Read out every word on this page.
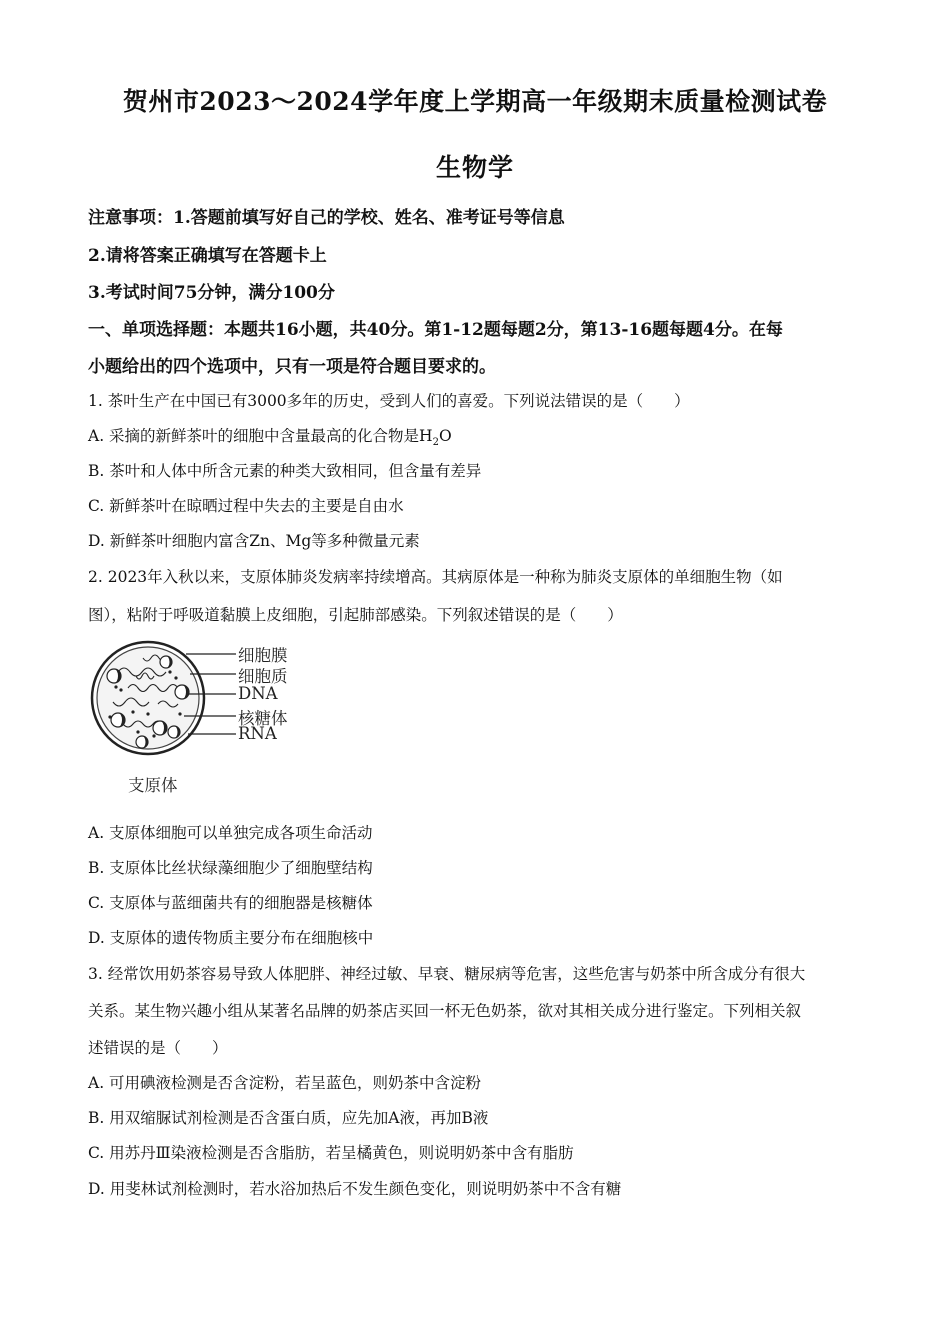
贺州市2023～2024学年度上学期高一年级期末质量检测试卷
生物学
注意事项：1.答题前填写好自己的学校、姓名、准考证号等信息
2.请将答案正确填写在答题卡上
3.考试时间75分钟，满分100分
一、单项选择题：本题共16小题，共40分。第1-12题每题2分，第13-16题每题4分。在每
小题给出的四个选项中，只有一项是符合题目要求的。
1. 茶叶生产在中国已有3000多年的历史，受到人们的喜爱。下列说法错误的是（　　）
A. 采摘的新鲜茶叶的细胞中含量最高的化合物是$H_2O$
B. 茶叶和人体中所含元素的种类大致相同，但含量有差异
C. 新鲜茶叶在晾晒过程中失去的主要是自由水
D. 新鲜茶叶细胞内富含Zn、Mg等多种微量元素
2. 2023年入秋以来，支原体肺炎发病率持续增高。其病原体是一种称为肺炎支原体的单细胞生物（如
图），粘附于呼吸道黏膜上皮细胞，引起肺部感染。下列叙述错误的是（　　）
细胞膜
细胞质
DNA
核糖体
RNA
支原体
A. 支原体细胞可以单独完成各项生命活动
B. 支原体比丝状绿藻细胞少了细胞壁结构
C. 支原体与蓝细菌共有的细胞器是核糖体
D. 支原体的遗传物质主要分布在细胞核中
3. 经常饮用奶茶容易导致人体肥胖、神经过敏、早衰、糖尿病等危害，这些危害与奶茶中所含成分有很大
关系。某生物兴趣小组从某著名品牌的奶茶店买回一杯无色奶茶，欲对其相关成分进行鉴定。下列相关叙
述错误的是（　　）
A. 可用碘液检测是否含淀粉，若呈蓝色，则奶茶中含淀粉
B. 用双缩脲试剂检测是否含蛋白质，应先加A液，再加B液
C. 用苏丹Ⅲ染液检测是否含脂肪，若呈橘黄色，则说明奶茶中含有脂肪
D. 用斐林试剂检测时，若水浴加热后不发生颜色变化，则说明奶茶中不含有糖
